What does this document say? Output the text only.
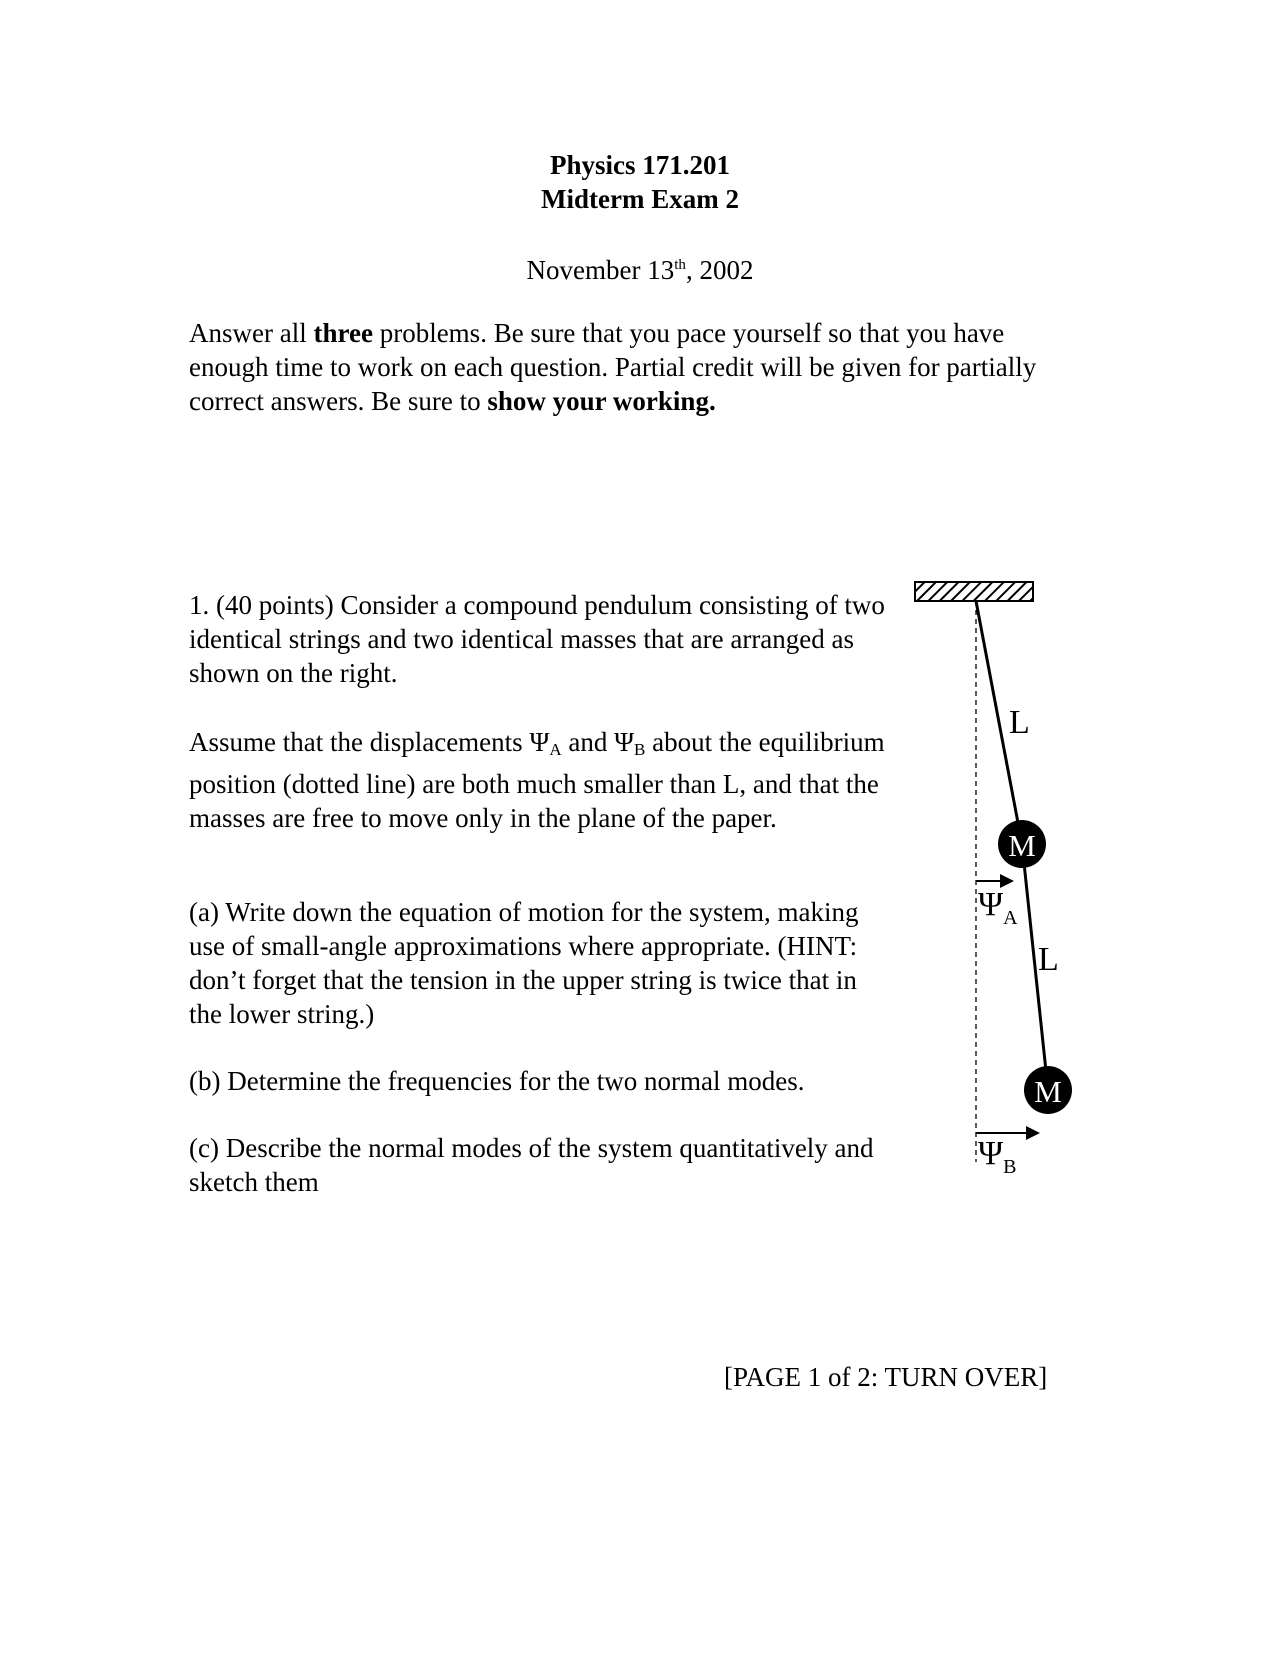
Physics 171.201
Midterm Exam 2
November 13th, 2002

Answer all three problems. Be sure that you pace yourself so that you have enough time to work on each question. Partial credit will be given for partially correct answers. Be sure to show your working.

1. (40 points) Consider a compound pendulum consisting of two identical strings and two identical masses that are arranged as shown on the right.

Assume that the displacements $\Psi_A$ and $\Psi_B$ about the equilibrium position (dotted line) are both much smaller than L, and that the masses are free to move only in the plane of the paper.

(a) Write down the equation of motion for the system, making use of small-angle approximations where appropriate. (HINT: don’t forget that the tension in the upper string is twice that in the lower string.)

(b) Determine the frequencies for the two normal modes.

(c) Describe the normal modes of the system quantitatively and sketch them

L
L
M
M
$\Psi_A$
$\Psi_B$
[PAGE 1 of 2: TURN OVER]
